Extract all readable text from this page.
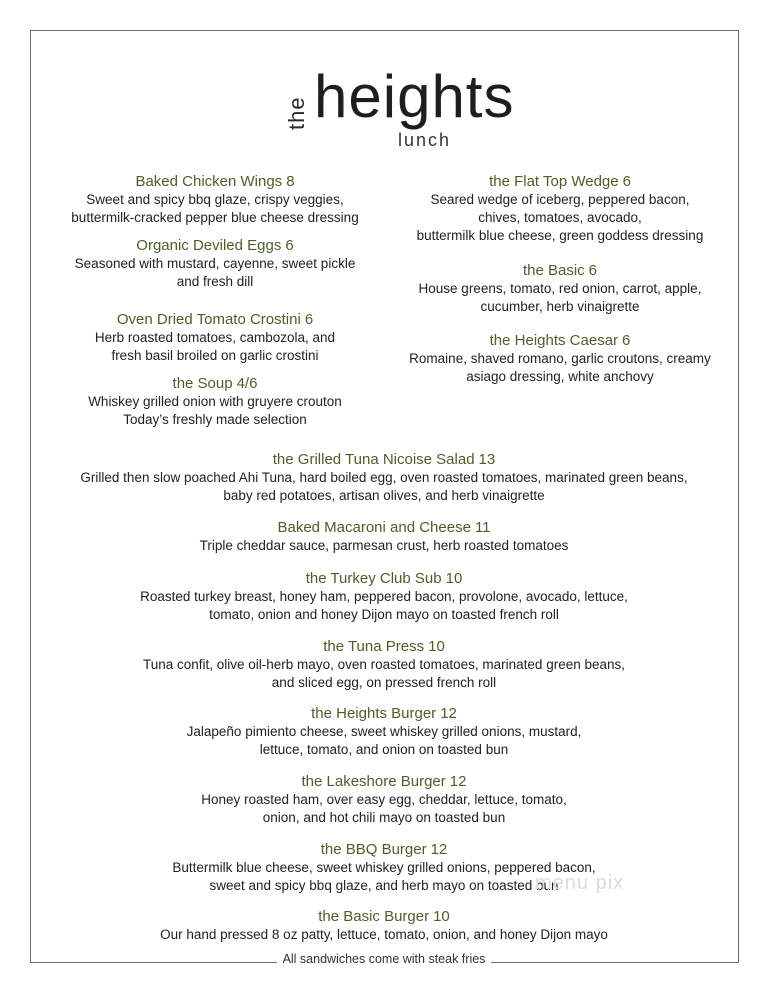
the heights
lunch
Baked Chicken Wings 8
Sweet and spicy bbq glaze, crispy veggies,
buttermilk-cracked pepper blue cheese dressing
Organic Deviled Eggs 6
Seasoned with mustard, cayenne, sweet pickle
and fresh dill
Oven Dried Tomato Crostini 6
Herb roasted tomatoes, cambozola, and
fresh basil broiled on garlic crostini
the Soup 4/6
Whiskey grilled onion with gruyere crouton
Today’s freshly made selection
the Flat Top Wedge 6
Seared wedge of iceberg, peppered bacon,
chives, tomatoes, avocado,
buttermilk blue cheese, green goddess dressing
the Basic 6
House greens, tomato, red onion, carrot, apple,
cucumber, herb vinaigrette
the Heights Caesar 6
Romaine, shaved romano, garlic croutons, creamy
asiago dressing, white anchovy
the Grilled Tuna Nicoise Salad 13
Grilled then slow poached Ahi Tuna, hard boiled egg, oven roasted tomatoes, marinated green beans,
baby red potatoes, artisan olives, and herb vinaigrette
Baked Macaroni and Cheese 11
Triple cheddar sauce, parmesan crust, herb roasted tomatoes
the Turkey Club Sub 10
Roasted turkey breast, honey ham, peppered bacon, provolone, avocado, lettuce,
tomato, onion and honey Dijon mayo on toasted french roll
the Tuna Press 10
Tuna confit, olive oil-herb mayo, oven roasted tomatoes, marinated green beans,
and sliced egg, on pressed french roll
the Heights Burger 12
Jalapeño pimiento cheese, sweet whiskey grilled onions, mustard,
lettuce, tomato, and onion on toasted bun
the Lakeshore Burger 12
Honey roasted ham, over easy egg, cheddar, lettuce, tomato,
onion, and hot chili mayo on toasted bun
the BBQ Burger 12
Buttermilk blue cheese, sweet whiskey grilled onions, peppered bacon,
sweet and spicy bbq glaze, and herb mayo on toasted bun
the Basic Burger 10
Our hand pressed 8 oz patty, lettuce, tomato, onion, and honey Dijon mayo
menu pix
All sandwiches come with steak fries
